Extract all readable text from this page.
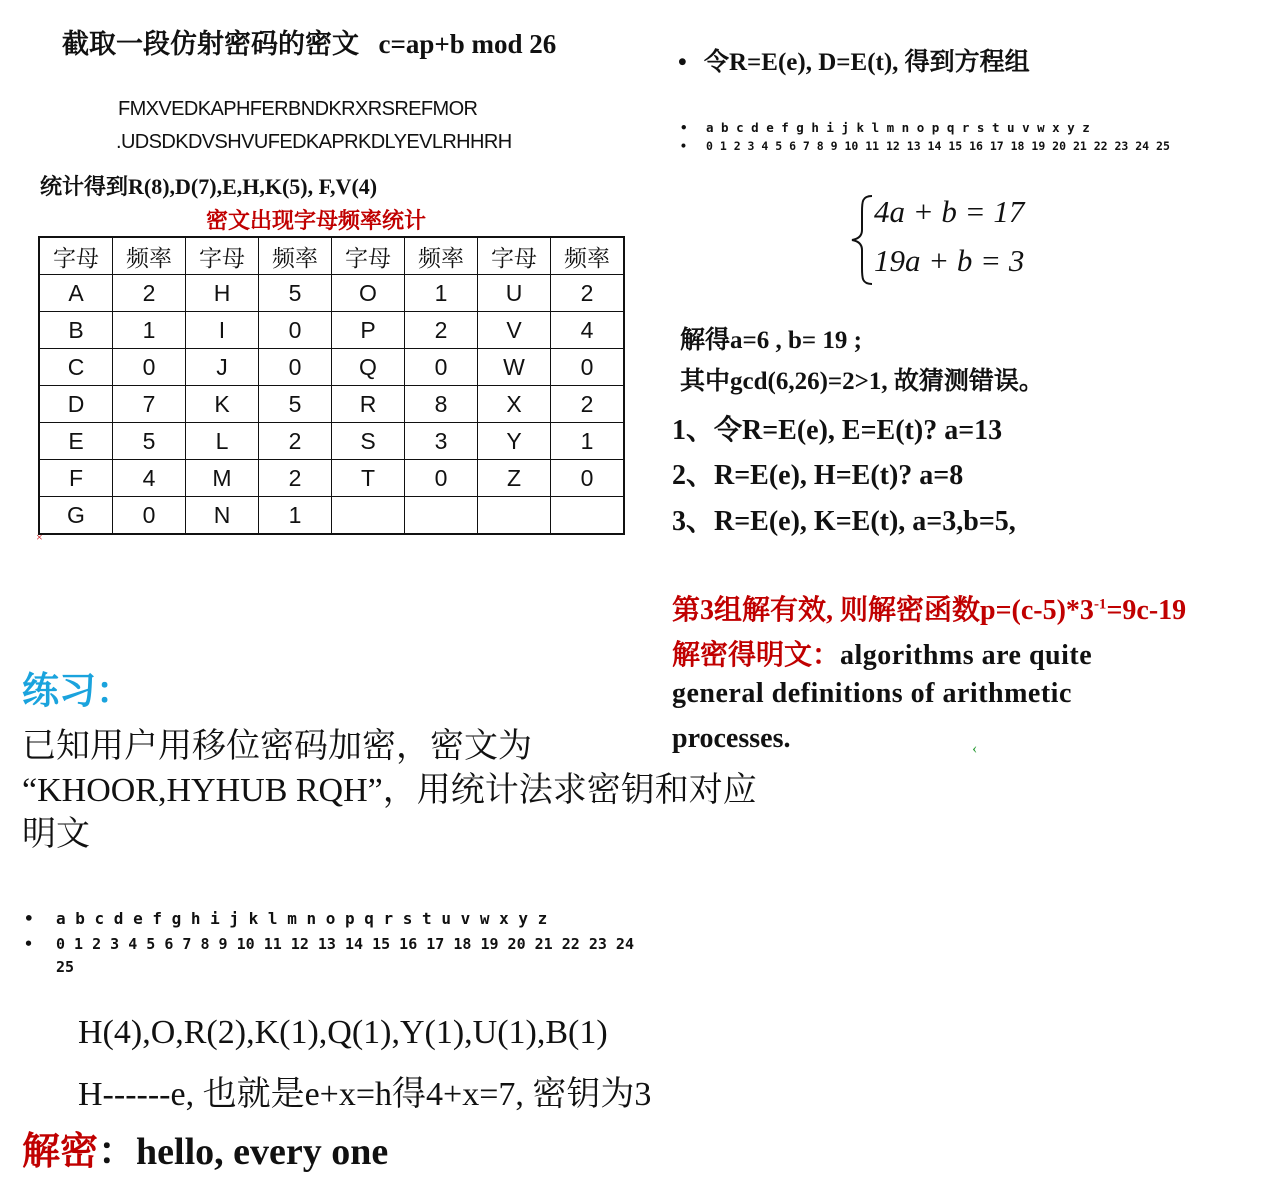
截取一段仿射密码的密文 c=ap+b mod 26
FMXVEDKAPHFERBNDKRXRSREFMOR
.UDSDKDVSHVUFEDKAPRKDLYEVLRHHRH
统计得到R(8),D(7),E,H,K(5), F,V(4)
密文出现字母频率统计
字母	频率	字母	频率	字母	频率	字母	频率
A	2	H	5	O	1	U	2
B	1	I	0	P	2	V	4
C	0	J	0	Q	0	W	0
D	7	K	5	R	8	X	2
E	5	L	2	S	3	Y	1
F	4	M	2	T	0	Z	0
G	0	N	1				
• 令R=E(e), D=E(t), 得到方程组
• a b c d e f g h i j k l m n o p q r s t u v w x y z
• 0 1 2 3 4 5 6 7 8 9 10 11 12 13 14 15 16 17 18 19 20 21 22 23 24 25
4a + b = 17
19a + b = 3
解得a=6 , b= 19 ;
其中gcd(6,26)=2>1, 故猜测错误。
1、令R=E(e), E=E(t)? a=13
2、R=E(e), H=E(t)? a=8
3、R=E(e), K=E(t), a=3,b=5,
第3组解有效, 则解密函数$p=(c-5)*3^{-1}=9c-19$
解密得明文：algorithms are quite
general definitions of arithmetic
processes.	‹
×
练习：
已知用户用移位密码加密，密文为
“KHOOR,HYHUB RQH”，用统计法求密钥和对应
明文
• a b c d e f g h i j k l m n o p q r s t u v w x y z
• 0 1 2 3 4 5 6 7 8 9 10 11 12 13 14 15 16 17 18 19 20 21 22 23 24
25
H(4),O,R(2),K(1),Q(1),Y(1),U(1),B(1)
H------e, 也就是e+x=h得4+x=7, 密钥为3
解密：hello, every one
